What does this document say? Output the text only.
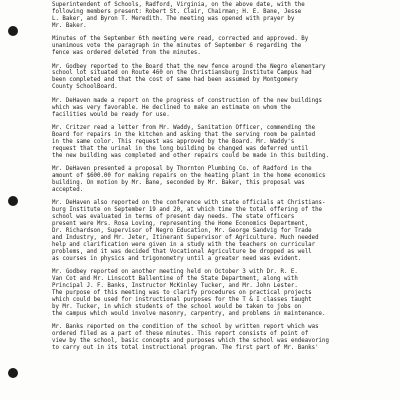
Superintendent of Schools, Radford, Virginia, on the above date, with the
following members present: Robert St. Clair, Chairman; H. E. Bane, Jesse
L. Baker, and Byron T. Meredith. The meeting was opened with prayer by
Mr. Baker.
Minutes of the September 6th meeting were read, corrected and approved. By
unanimous vote the paragraph in the minutes of September 6 regarding the
fence was ordered deleted from the minutes.
Mr. Godbey reported to the Board that the new fence around the Negro elementary
school lot situated on Route 460 on the Christiansburg Institute Campus had
been completed and that the cost of same had been assumed by Montgomery
County SchoolBoard.
Mr. DeHaven made a report on the progress of construction of the new buildings
which was very favorable. He declined to make an estimate on whom the
facilities would be ready for use.
Mr. Critzer read a letter from Mr. Waddy, Sanitation Officer, commending the
Board for repairs in the kitchen and asking that the serving room be painted
in the same color. This request was approved by the Board. Mr. Waddy's
request that the urinal in the long building be changed was deferred until
the new building was completed and other repairs could be made in this building.
Mr. DeHaven presented a proposal by Thornton Plumbing Co. of Radford in the
amount of $600.00 for making repairs on the heating plant in the home economics
building. On motion by Mr. Bane, seconded by Mr. Baker, this proposal was
accepted.
Mr. DeHaven also reported on the conference with state officials at Christians-
burg Institute on September 19 and 20, at which time the total offering of the
school was evaluated in terms of present day needs. The state officers
present were Mrs. Rosa Loving, representing the Home Economics Department,
Dr. Richardson, Supervisor of Negro Education, Mr. George Sandvig for Trade
and Industry, and Mr. Jeter, Itinerant Supervisor of Agriculture. Much needed
help and clarification were given in a study with the teachers on curricular
problems, and it was decided that Vocational Agriculture be dropped as well
as courses in physics and trigonometry until a greater need was evident.
Mr. Godbey reported on another meeting held on October 3 with Dr. R. E.
Van Cot and Mr. Linscott Ballentine of the State Department, along with
Principal J. F. Banks, Instructor McKinley Tucker, and Mr. John Lester.
The purpose of this meeting was to clarify procedures on practical projects
which could be used for instructional purposes for the T & I classes taught
by Mr. Tucker, in which students of the school would be taken to jobs on
the campus which would involve masonry, carpentry, and problems in maintenance.
Mr. Banks reported on the condition of the school by written report which was
ordered filed as a part of these minutes. This report consists of point of
view by the school, basic concepts and purposes which the school was endeavoring
to carry out in its total instructional program. The first part of Mr. Banks'
